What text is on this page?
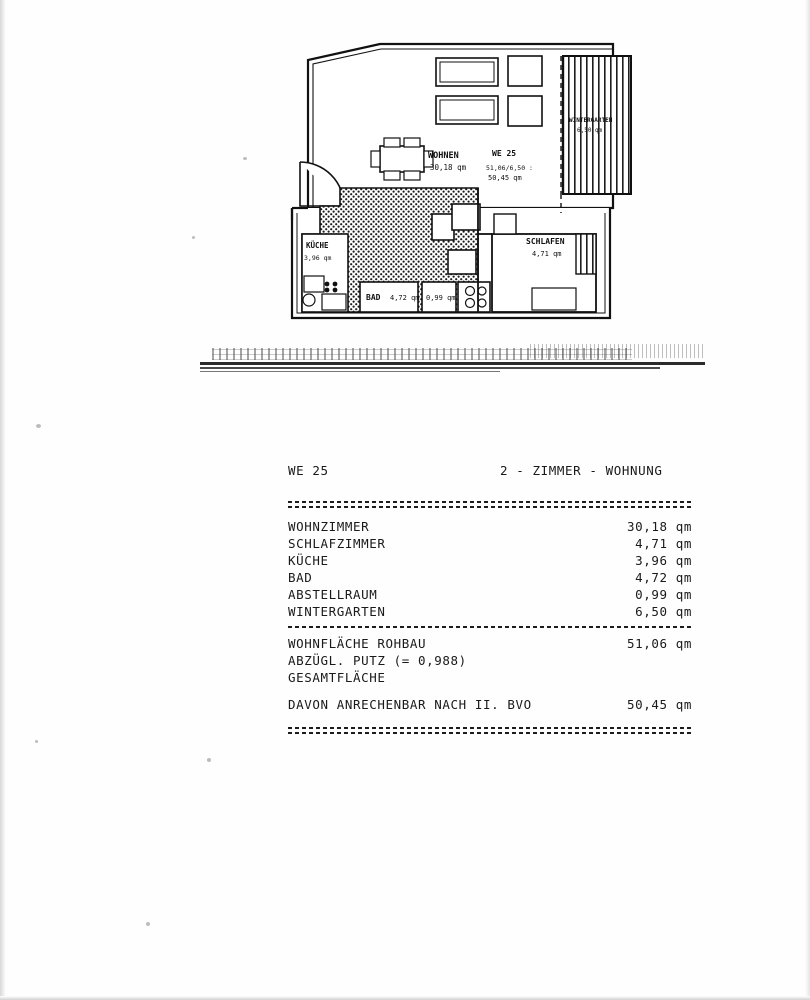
WOHNEN
30,18 qm
WE 25
51,06/6,50 :
50,45 qm
WINTERGARTEN
6,50 qm
SCHLAFEN
4,71 qm
KÜCHE
3,96 qm
BAD 4,72 qm 0,99 qm
WE 25	2 - ZIMMER - WOHNUNG
WOHNZIMMER	30,18 qm
SCHLAFZIMMER	4,71 qm
KÜCHE	3,96 qm
BAD	4,72 qm
ABSTELLRAUM	0,99 qm
WINTERGARTEN	6,50 qm
WOHNFLÄCHE ROHBAU	51,06 qm
ABZÜGL. PUTZ (= 0,988)
GESAMTFLÄCHE
DAVON ANRECHENBAR NACH II. BVO	50,45 qm
